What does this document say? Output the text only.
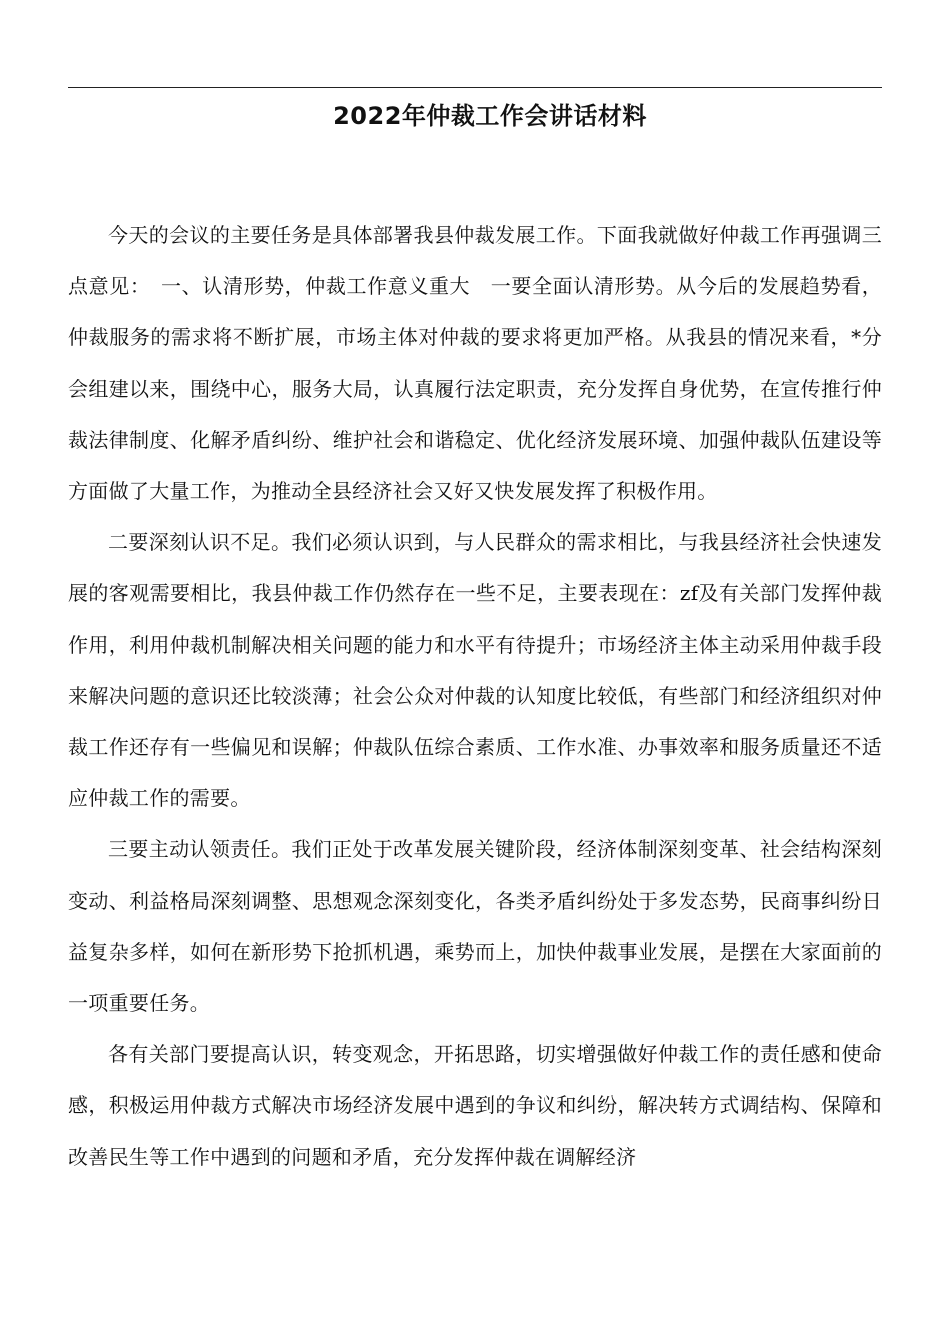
2022年仲裁工作会讲话材料

今天的会议的主要任务是具体部署我县仲裁发展工作。下面我就做好仲裁工作再强调三点意见：　一、认清形势，仲裁工作意义重大　一要全面认清形势。从今后的发展趋势看，仲裁服务的需求将不断扩展，市场主体对仲裁的要求将更加严格。从我县的情况来看，*分会组建以来，围绕中心，服务大局，认真履行法定职责，充分发挥自身优势，在宣传推行仲裁法律制度、化解矛盾纠纷、维护社会和谐稳定、优化经济发展环境、加强仲裁队伍建设等方面做了大量工作，为推动全县经济社会又好又快发展发挥了积极作用。

二要深刻认识不足。我们必须认识到，与人民群众的需求相比，与我县经济社会快速发展的客观需要相比，我县仲裁工作仍然存在一些不足，主要表现在：zf及有关部门发挥仲裁作用，利用仲裁机制解决相关问题的能力和水平有待提升；市场经济主体主动采用仲裁手段来解决问题的意识还比较淡薄；社会公众对仲裁的认知度比较低，有些部门和经济组织对仲裁工作还存有一些偏见和误解；仲裁队伍综合素质、工作水准、办事效率和服务质量还不适应仲裁工作的需要。

三要主动认领责任。我们正处于改革发展关键阶段，经济体制深刻变革、社会结构深刻变动、利益格局深刻调整、思想观念深刻变化，各类矛盾纠纷处于多发态势，民商事纠纷日益复杂多样，如何在新形势下抢抓机遇，乘势而上，加快仲裁事业发展，是摆在大家面前的一项重要任务。

各有关部门要提高认识，转变观念，开拓思路，切实增强做好仲裁工作的责任感和使命感，积极运用仲裁方式解决市场经济发展中遇到的争议和纠纷，解决转方式调结构、保障和改善民生等工作中遇到的问题和矛盾，充分发挥仲裁在调解经济
